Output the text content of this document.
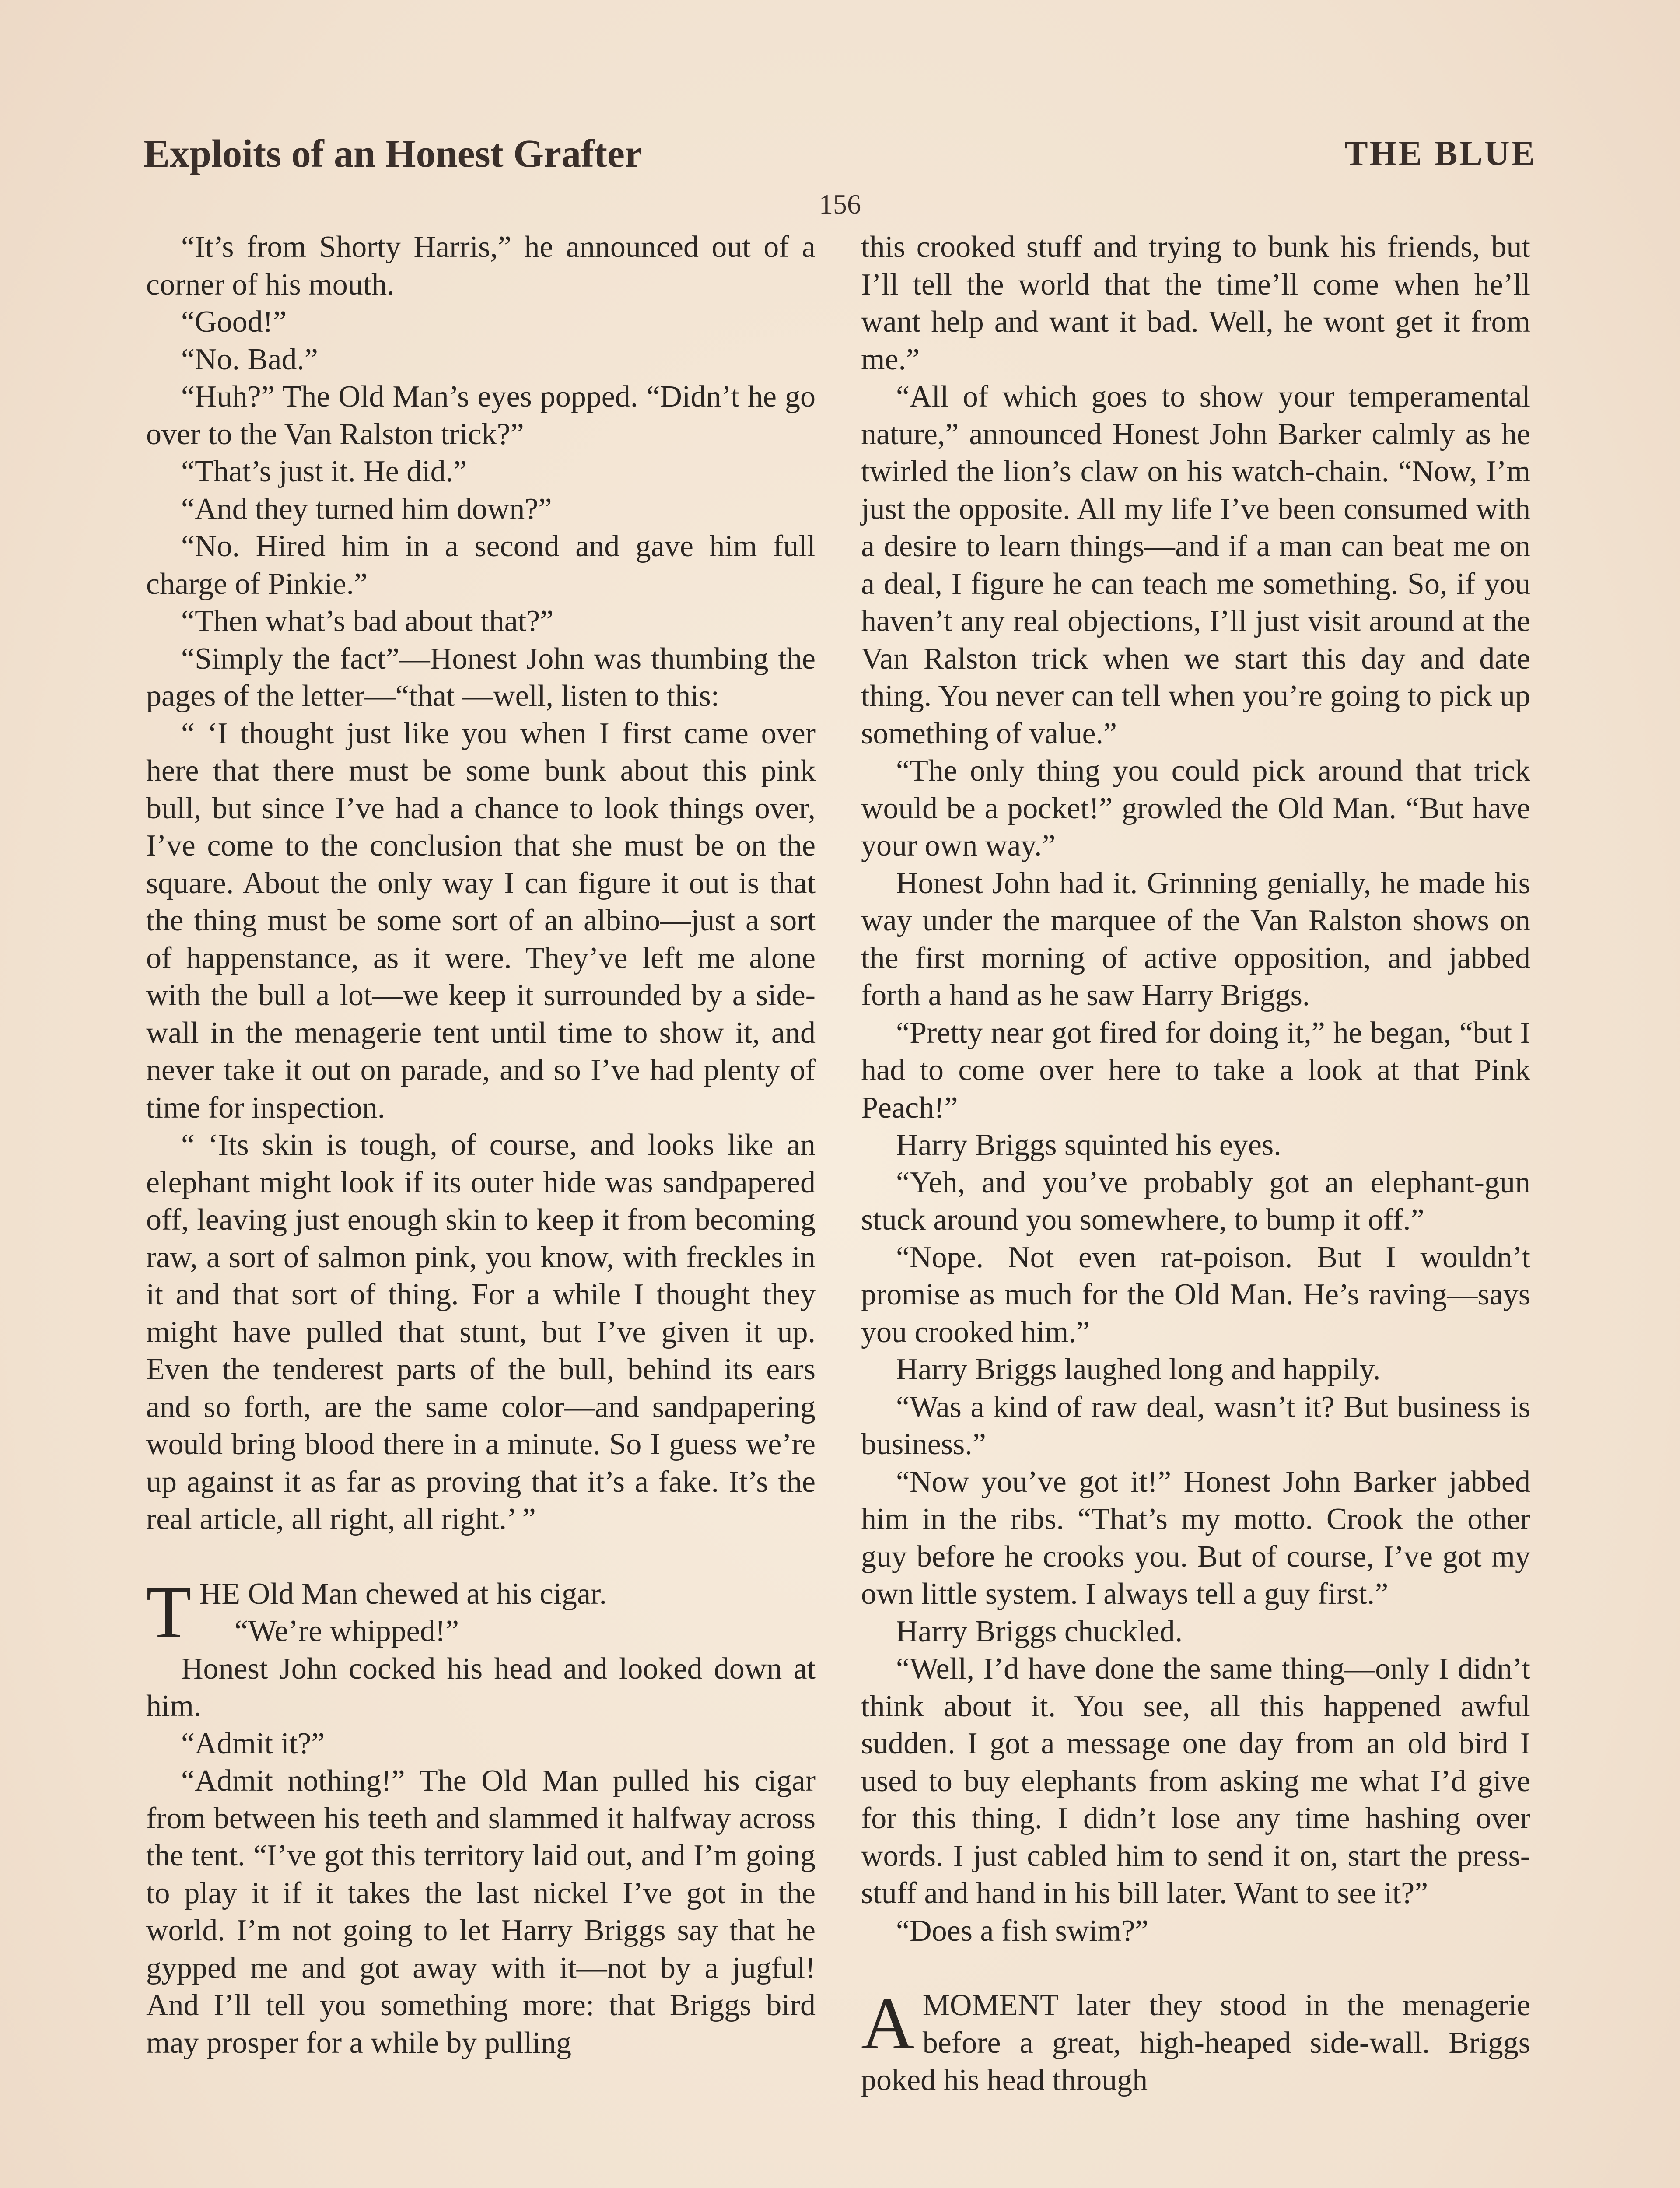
Exploits of an Honest Grafter	THE BLUE
156

“It’s from Shorty Harris,” he announced out of a corner of his mouth.

“Good!”

“No. Bad.”

“Huh?” The Old Man’s eyes popped. “Didn’t he go over to the Van Ralston trick?”

“That’s just it. He did.”

“And they turned him down?”

“No. Hired him in a second and gave him full charge of Pinkie.”

“Then what’s bad about that?”

“Simply the fact”—Honest John was thumbing the pages of the letter—“that —well, listen to this:

“ ‘I thought just like you when I first came over here that there must be some bunk about this pink bull, but since I’ve had a chance to look things over, I’ve come to the conclusion that she must be on the square. About the only way I can figure it out is that the thing must be some sort of an albino—just a sort of happenstance, as it were. They’ve left me alone with the bull a lot—we keep it surrounded by a side-wall in the menagerie tent until time to show it, and never take it out on parade, and so I’ve had plenty of time for inspection.

“ ‘Its skin is tough, of course, and looks like an elephant might look if its outer hide was sandpapered off, leaving just enough skin to keep it from becoming raw, a sort of salmon pink, you know, with freckles in it and that sort of thing. For a while I thought they might have pulled that stunt, but I’ve given it up. Even the tenderest parts of the bull, behind its ears and so forth, are the same color—and sandpapering would bring blood there in a minute. So I guess we’re up against it as far as proving that it’s a fake. It’s the real article, all right, all right.’ ”

THE Old Man chewed at his cigar.

“We’re whipped!”

Honest John cocked his head and looked down at him.

“Admit it?”

“Admit nothing!” The Old Man pulled his cigar from between his teeth and slammed it halfway across the tent. “I’ve got this territory laid out, and I’m going to play it if it takes the last nickel I’ve got in the world. I’m not going to let Harry Briggs say that he gypped me and got away with it—not by a jugful! And I’ll tell you something more: that Briggs bird may prosper for a while by pulling

this crooked stuff and trying to bunk his friends, but I’ll tell the world that the time’ll come when he’ll want help and want it bad. Well, he wont get it from me.”

“All of which goes to show your temperamental nature,” announced Honest John Barker calmly as he twirled the lion’s claw on his watch-chain. “Now, I’m just the opposite. All my life I’ve been consumed with a desire to learn things—and if a man can beat me on a deal, I figure he can teach me something. So, if you haven’t any real objections, I’ll just visit around at the Van Ralston trick when we start this day and date thing. You never can tell when you’re going to pick up something of value.”

“The only thing you could pick around that trick would be a pocket!” growled the Old Man. “But have your own way.”

Honest John had it. Grinning genially, he made his way under the marquee of the Van Ralston shows on the first morning of active opposition, and jabbed forth a hand as he saw Harry Briggs.

“Pretty near got fired for doing it,” he began, “but I had to come over here to take a look at that Pink Peach!”

Harry Briggs squinted his eyes.

“Yeh, and you’ve probably got an elephant-gun stuck around you somewhere, to bump it off.”

“Nope. Not even rat-poison. But I wouldn’t promise as much for the Old Man. He’s raving—says you crooked him.”

Harry Briggs laughed long and happily.

“Was a kind of raw deal, wasn’t it? But business is business.”

“Now you’ve got it!” Honest John Barker jabbed him in the ribs. “That’s my motto. Crook the other guy before he crooks you. But of course, I’ve got my own little system. I always tell a guy first.”

Harry Briggs chuckled.

“Well, I’d have done the same thing—only I didn’t think about it. You see, all this happened awful sudden. I got a message one day from an old bird I used to buy elephants from asking me what I’d give for this thing. I didn’t lose any time hashing over words. I just cabled him to send it on, start the press-stuff and hand in his bill later. Want to see it?”

“Does a fish swim?”

AMOMENT later they stood in the menagerie before a great, high-heaped side-wall. Briggs poked his head through
